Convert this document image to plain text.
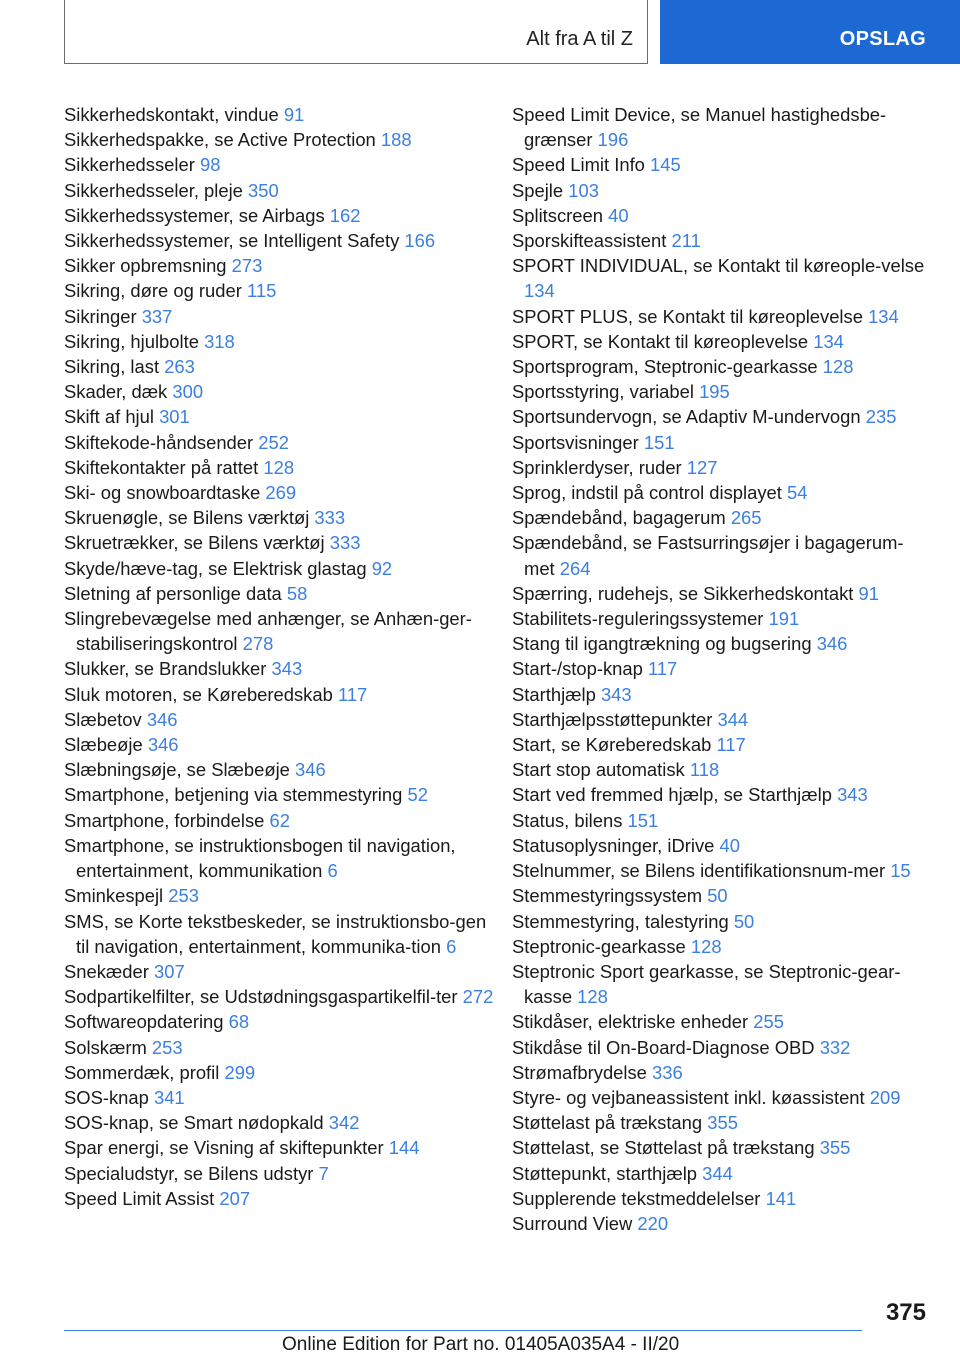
Alt fra A til Z	OPSLAG

Sikkerhedskontakt, vindue 91

Sikkerhedspakke, se Active Protection 188

Sikkerhedsseler 98

Sikkerhedsseler, pleje 350

Sikkerhedssystemer, se Airbags 162

Sikkerhedssystemer, se Intelligent Safety 166

Sikker opbremsning 273

Sikring, døre og ruder 115

Sikringer 337

Sikring, hjulbolte 318

Sikring, last 263

Skader, dæk 300

Skift af hjul 301

Skiftekode-håndsender 252

Skiftekontakter på rattet 128

Ski- og snowboardtaske 269

Skruenøgle, se Bilens værktøj 333

Skruetrækker, se Bilens værktøj 333

Skyde/hæve-tag, se Elektrisk glastag 92

Sletning af personlige data 58

Slingrebevægelse med anhænger, se Anhæn-ger-stabiliseringskontrol 278

Slukker, se Brandslukker 343

Sluk motoren, se Køreberedskab 117

Slæbetov 346

Slæbeøje 346

Slæbningsøje, se Slæbeøje 346

Smartphone, betjening via stemmestyring 52

Smartphone, forbindelse 62

Smartphone, se instruktionsbogen til navigation, entertainment, kommunikation 6

Sminkespejl 253

SMS, se Korte tekstbeskeder, se instruktionsbo-gen til navigation, entertainment, kommunika-tion 6

Snekæder 307

Sodpartikelfilter, se Udstødningsgaspartikelfil-ter 272

Softwareopdatering 68

Solskærm 253

Sommerdæk, profil 299

SOS-knap 341

SOS-knap, se Smart nødopkald 342

Spar energi, se Visning af skiftepunkter 144

Specialudstyr, se Bilens udstyr 7

Speed Limit Assist 207

Speed Limit Device, se Manuel hastighedsbe-grænser 196

Speed Limit Info 145

Spejle 103

Splitscreen 40

Sporskifteassistent 211

SPORT INDIVIDUAL, se Kontakt til køreople-velse 134

SPORT PLUS, se Kontakt til køreoplevelse 134

SPORT, se Kontakt til køreoplevelse 134

Sportsprogram, Steptronic-gearkasse 128

Sportsstyring, variabel 195

Sportsundervogn, se Adaptiv M-undervogn 235

Sportsvisninger 151

Sprinklerdyser, ruder 127

Sprog, indstil på control displayet 54

Spændebånd, bagagerum 265

Spændebånd, se Fastsurringsøjer i bagagerum-met 264

Spærring, rudehejs, se Sikkerhedskontakt 91

Stabilitets-reguleringssystemer 191

Stang til igangtrækning og bugsering 346

Start-/stop-knap 117

Starthjælp 343

Starthjælpsstøttepunkter 344

Start, se Køreberedskab 117

Start stop automatisk 118

Start ved fremmed hjælp, se Starthjælp 343

Status, bilens 151

Statusoplysninger, iDrive 40

Stelnummer, se Bilens identifikationsnum-mer 15

Stemmestyringssystem 50

Stemmestyring, talestyring 50

Steptronic-gearkasse 128

Steptronic Sport gearkasse, se Steptronic-gear-kasse 128

Stikdåser, elektriske enheder 255

Stikdåse til On-Board-Diagnose OBD 332

Strømafbrydelse 336

Styre- og vejbaneassistent inkl. køassistent 209

Støttelast på trækstang 355

Støttelast, se Støttelast på trækstang 355

Støttepunkt, starthjælp 344

Supplerende tekstmeddelelser 141

Surround View 220

375
Online Edition for Part no. 01405A035A4 - II/20
